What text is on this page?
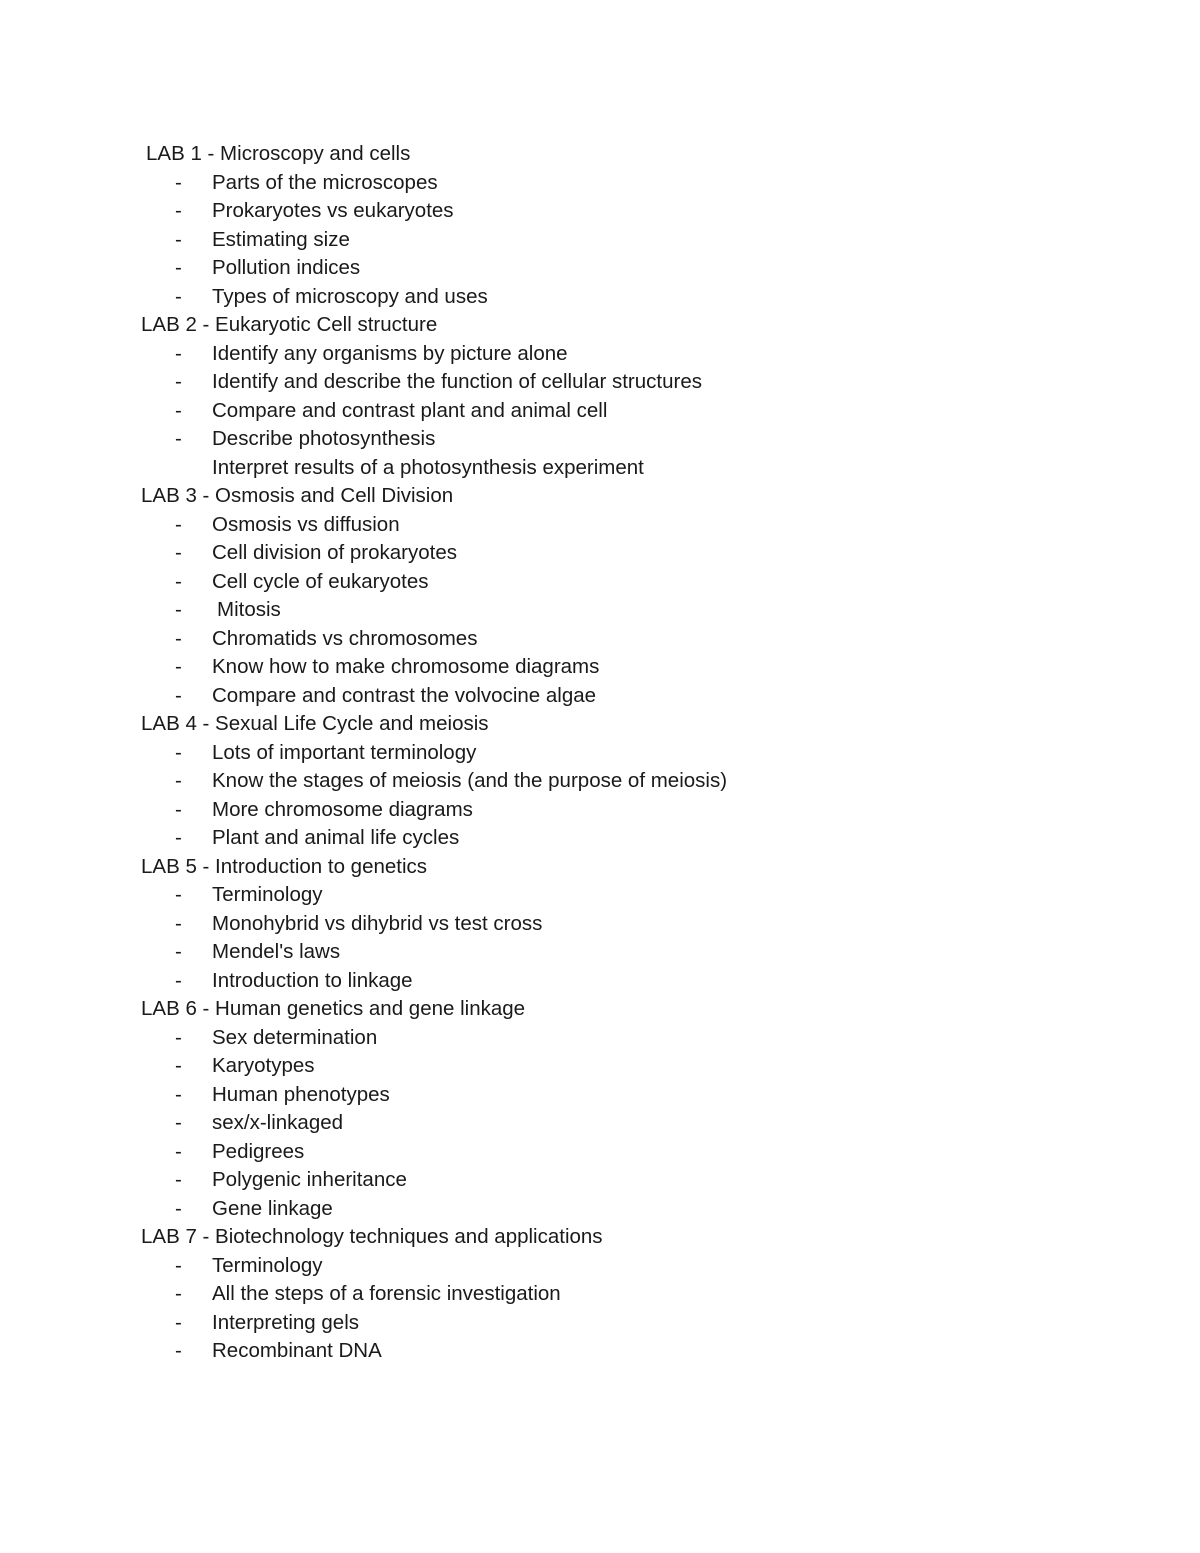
LAB 1 - Microscopy and cells

- Parts of the microscopes
- Prokaryotes vs eukaryotes
- Estimating size
- Pollution indices
- Types of microscopy and uses

LAB 2 - Eukaryotic Cell structure

- Identify any organisms by picture alone
- Identify and describe the function of cellular structures
- Compare and contrast plant and animal cell
- Describe photosynthesis
Interpret results of a photosynthesis experiment

LAB 3 - Osmosis and Cell Division

- Osmosis vs diffusion
- Cell division of prokaryotes
- Cell cycle of eukaryotes
- Mitosis
- Chromatids vs chromosomes
- Know how to make chromosome diagrams
- Compare and contrast the volvocine algae

LAB 4 - Sexual Life Cycle and meiosis

- Lots of important terminology
- Know the stages of meiosis (and the purpose of meiosis)
- More chromosome diagrams
- Plant and animal life cycles

LAB 5 - Introduction to genetics

- Terminology
- Monohybrid vs dihybrid vs test cross
- Mendel's laws
- Introduction to linkage

LAB 6 - Human genetics and gene linkage

- Sex determination
- Karyotypes
- Human phenotypes
- sex/x-linkaged
- Pedigrees
- Polygenic inheritance
- Gene linkage

LAB 7 - Biotechnology techniques and applications

- Terminology
- All the steps of a forensic investigation
- Interpreting gels
- Recombinant DNA
